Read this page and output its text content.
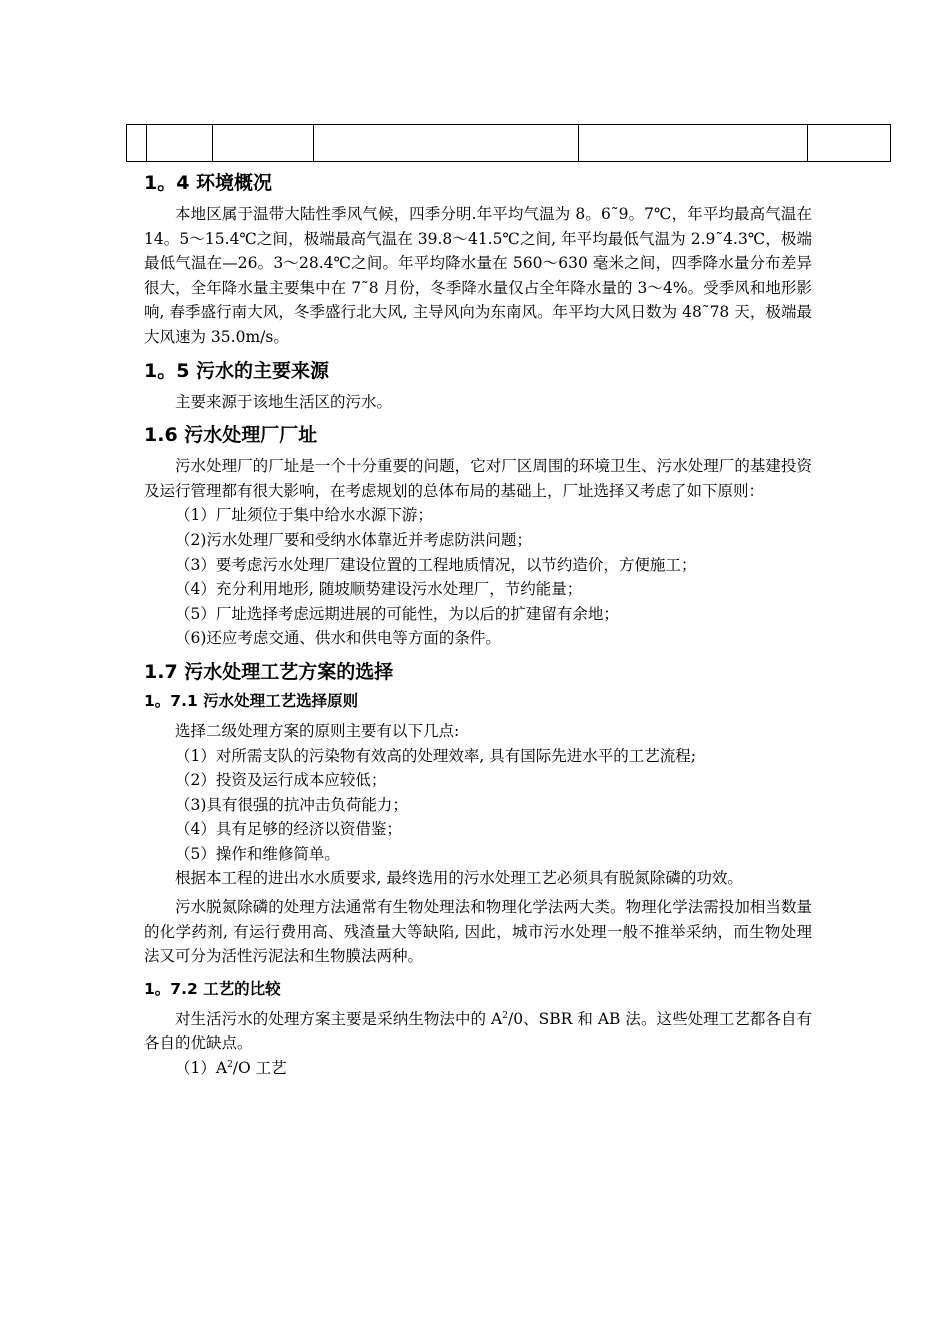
1。4 环境概况

本地区属于温带大陆性季风气候，四季分明.年平均气温为 8。6˜9。7℃，年平均最高气温在 14。5～15.4℃之间，极端最高气温在 39.8～41.5℃之间, 年平均最低气温为 2.9˜4.3℃，极端最低气温在—26。3～28.4℃之间。年平均降水量在 560～630 毫米之间，四季降水量分布差异很大，全年降水量主要集中在 7˜8 月份，冬季降水量仅占全年降水量的 3～4%。受季风和地形影响, 春季盛行南大风，冬季盛行北大风, 主导风向为东南风。年平均大风日数为 48˜78 天，极端最大风速为 35.0m/s。

1。5 污水的主要来源

主要来源于该地生活区的污水。

1.6 污水处理厂厂址

污水处理厂的厂址是一个十分重要的问题，它对厂区周围的环境卫生、污水处理厂的基建投资及运行管理都有很大影响，在考虑规划的总体布局的基础上，厂址选择又考虑了如下原则：

（1）厂址须位于集中给水水源下游；

（2)污水处理厂要和受纳水体靠近并考虑防洪问题；

（3）要考虑污水处理厂建设位置的工程地质情况，以节约造价，方便施工；

（4）充分利用地形, 随坡顺势建设污水处理厂，节约能量；

（5）厂址选择考虑远期进展的可能性，为以后的扩建留有余地；

（6)还应考虑交通、供水和供电等方面的条件。

1.7 污水处理工艺方案的选择
1。7.1 污水处理工艺选择原则

选择二级处理方案的原则主要有以下几点:

（1）对所需支队的污染物有效高的处理效率, 具有国际先进水平的工艺流程;

（2）投资及运行成本应较低；

（3)具有很强的抗冲击负荷能力；

（4）具有足够的经济以资借鉴；

（5）操作和维修简单。

根据本工程的进出水水质要求, 最终选用的污水处理工艺必须具有脱氮除磷的功效。

污水脱氮除磷的处理方法通常有生物处理法和物理化学法两大类。物理化学法需投加相当数量的化学药剂, 有运行费用高、残渣量大等缺陷, 因此，城市污水处理一般不推举采纳，而生物处理法又可分为活性污泥法和生物膜法两种。

1。7.2 工艺的比较

对生活污水的处理方案主要是采纳生物法中的 $A^2/0$、SBR 和 AB 法。这些处理工艺都各自有各自的优缺点。

$(1)A^2/O$ 工艺
